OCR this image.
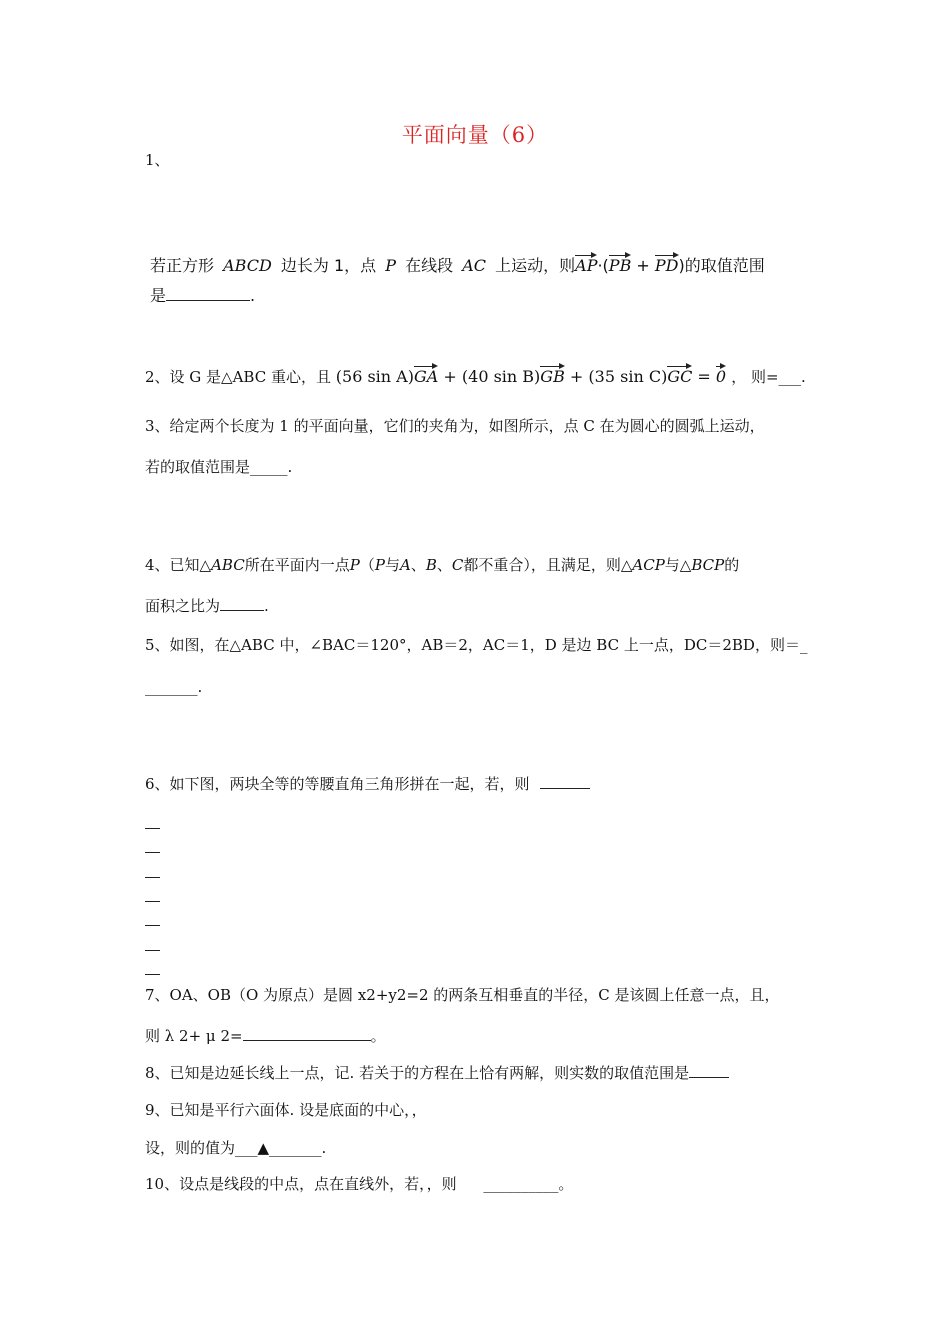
平面向量（6）
1、
若正方形 ABCD 边长为 1，点 P 在线段 AC 上运动，则AP·(PB + PD)的取值范围
是	.
2、设 G 是△ABC 重心，且 (56 sin A)GA + (40 sin B)GB + (35 sin C)GC = 0 ， 则=___.
3、给定两个长度为 1 的平面向量，它们的夹角为，如图所示，点 C 在为圆心的圆弧上运动，
若的取值范围是_____.
4、已知△ABC所在平面内一点P（P与A、B、C都不重合），且满足，则△ACP与△BCP的
面积之比为	.
5、如图，在△ABC 中，∠BAC＝120°，AB＝2，AC＝1，D 是边 BC 上一点，DC＝2BD，则＝_
_______.
6、如下图，两块全等的等腰直角三角形拼在一起，若，则
7、OA、OB（O 为原点）是圆 x2+y2=2 的两条互相垂直的半径，C 是该圆上任意一点，且，
则 λ 2+ μ 2=	。
8、已知是边延长线上一点，记. 若关于的方程在上恰有两解，则实数的取值范围是
9、已知是平行六面体. 设是底面的中心，，
设，则的值为___▲_______.
10、设点是线段的中点，点在直线外，若，，则 __________。
